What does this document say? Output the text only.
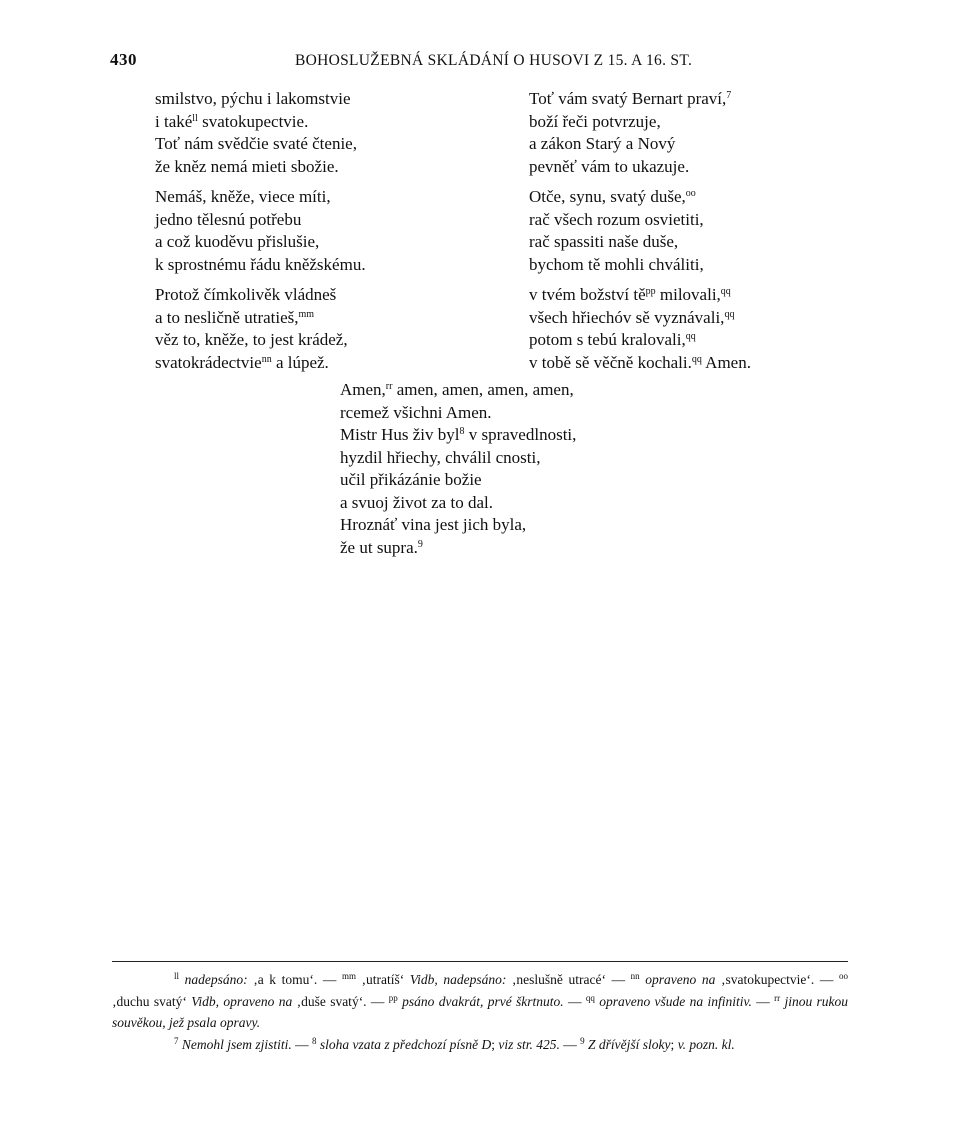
430	BOHOSLUŽEBNÁ SKLÁDÁNÍ O HUSOVI Z 15. A 16. ST.
smilstvo, pýchu i lakomstvie
i také$^{ll}$ svatokupectvie.
Toť nám svědčie svaté čtenie,
že kněz nemá mieti sbožie.
Nemáš, kněže, viece míti,
jedno tělesnú potřebu
a což kuoděvu přislušie,
k sprostnému řádu kněžskému.
Protož čímkolivěk vládneš
a to nesličně utratieš,$^{mm}$
věz to, kněže, to jest krádež,
svatokrádectvie$^{nn}$ a lúpež.
Toť vám svatý Bernart praví,$^7$
boží řeči potvrzuje,
a zákon Starý a Nový
pevněť vám to ukazuje.
Otče, synu, svatý duše,$^{oo}$
rač všech rozum osvietiti,
rač spassiti naše duše,
bychom tě mohli chváliti,
v tvém božství $tě^{pp}$ milovali,$^{qq}$
všech hřiechóv sě vyznávali,$^{qq}$
potom s tebú kralovali,$^{qq}$
v tobě sě věčně kochali.$^{qq}$ Amen.
Amen,$^{rr}$ amen, amen, amen, amen,
rcemež všichni Amen.
Mistr Hus živ byl$^8$ v spravedlnosti,
hyzdil hřiechy, chválil cnosti,
učil přikázánie božie
a svuoj život za to dal.
Hroznáť vina jest jich byla,
že ut supra.$^9$

$^{ll}$ nadepsáno: ‚a k tomu‘. — $^{mm}$ ‚utratíš‘ Vidb, nadepsáno: ‚neslušně utracé‘ — $^{nn}$ opraveno na ‚svatokupectvie‘. — $^{oo}$ ‚duchu svatý‘ Vidb, opraveno na ‚duše svatý‘. — $^{pp}$ psáno dvakrát, prvé škrtnuto. — $^{qq}$ opraveno všude na infinitiv. — $^{rr}$ jinou rukou souvěkou, jež psala opravy.

$^7$ Nemohl jsem zjistiti. — $^8$ sloha vzata z předchozí písně D; viz str. 425. — $^9$ Z dřívější sloky; v. pozn. kl.
